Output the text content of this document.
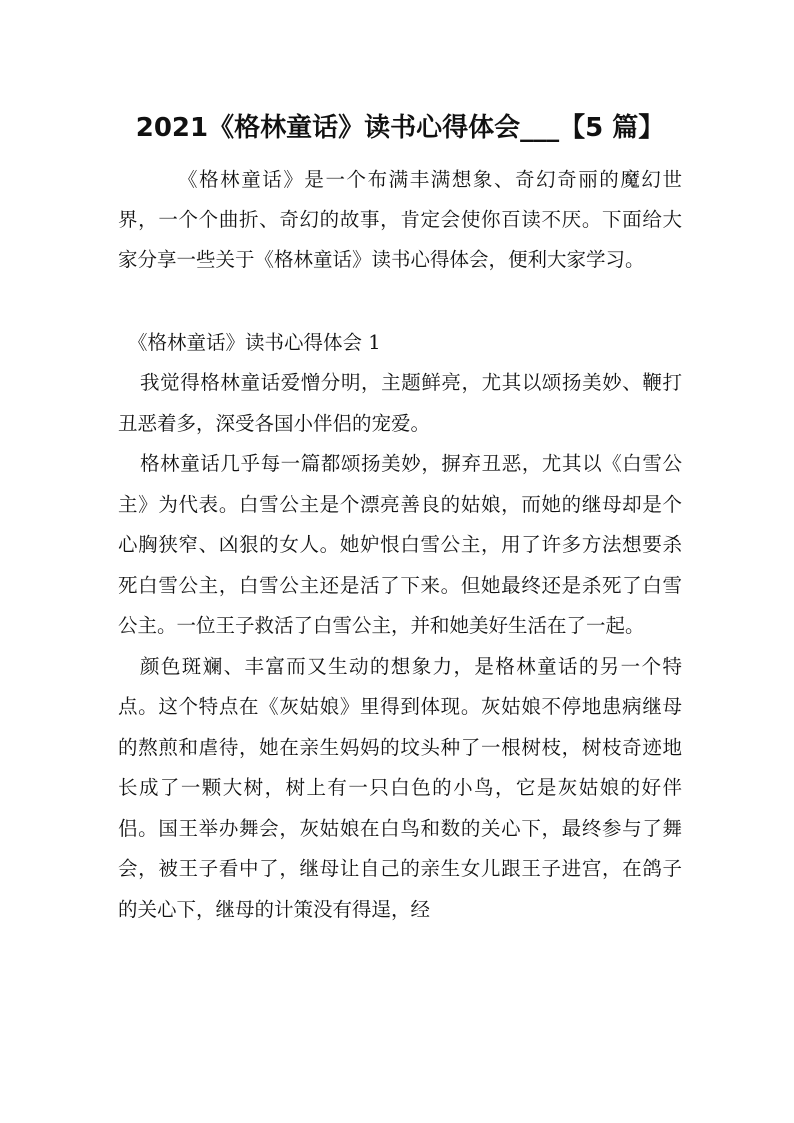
2021《格林童话》读书心得体会___【5 篇】
《格林童话》是一个布满丰满想象、奇幻奇丽的魔幻世界，一个个曲折、奇幻的故事，肯定会使你百读不厌。下面给大家分享一些关于《格林童话》读书心得体会，便利大家学习。
《格林童话》读书心得体会 1

我觉得格林童话爱憎分明，主题鲜亮，尤其以颂扬美妙、鞭打丑恶着多，深受各国小伴侣的宠爱。

格林童话几乎每一篇都颂扬美妙，摒弃丑恶，尤其以《白雪公主》为代表。白雪公主是个漂亮善良的姑娘，而她的继母却是个心胸狭窄、凶狠的女人。她妒恨白雪公主，用了许多方法想要杀死白雪公主，白雪公主还是活了下来。但她最终还是杀死了白雪公主。一位王子救活了白雪公主，并和她美好生活在了一起。

颜色斑斓、丰富而又生动的想象力，是格林童话的另一个特点。这个特点在《灰姑娘》里得到体现。灰姑娘不停地患病继母的熬煎和虐待，她在亲生妈妈的坟头种了一根树枝，树枝奇迹地长成了一颗大树，树上有一只白色的小鸟，它是灰姑娘的好伴侣。国王举办舞会，灰姑娘在白鸟和数的关心下，最终参与了舞会，被王子看中了，继母让自己的亲生女儿跟王子进宫，在鸽子的关心下，继母的计策没有得逞，经
